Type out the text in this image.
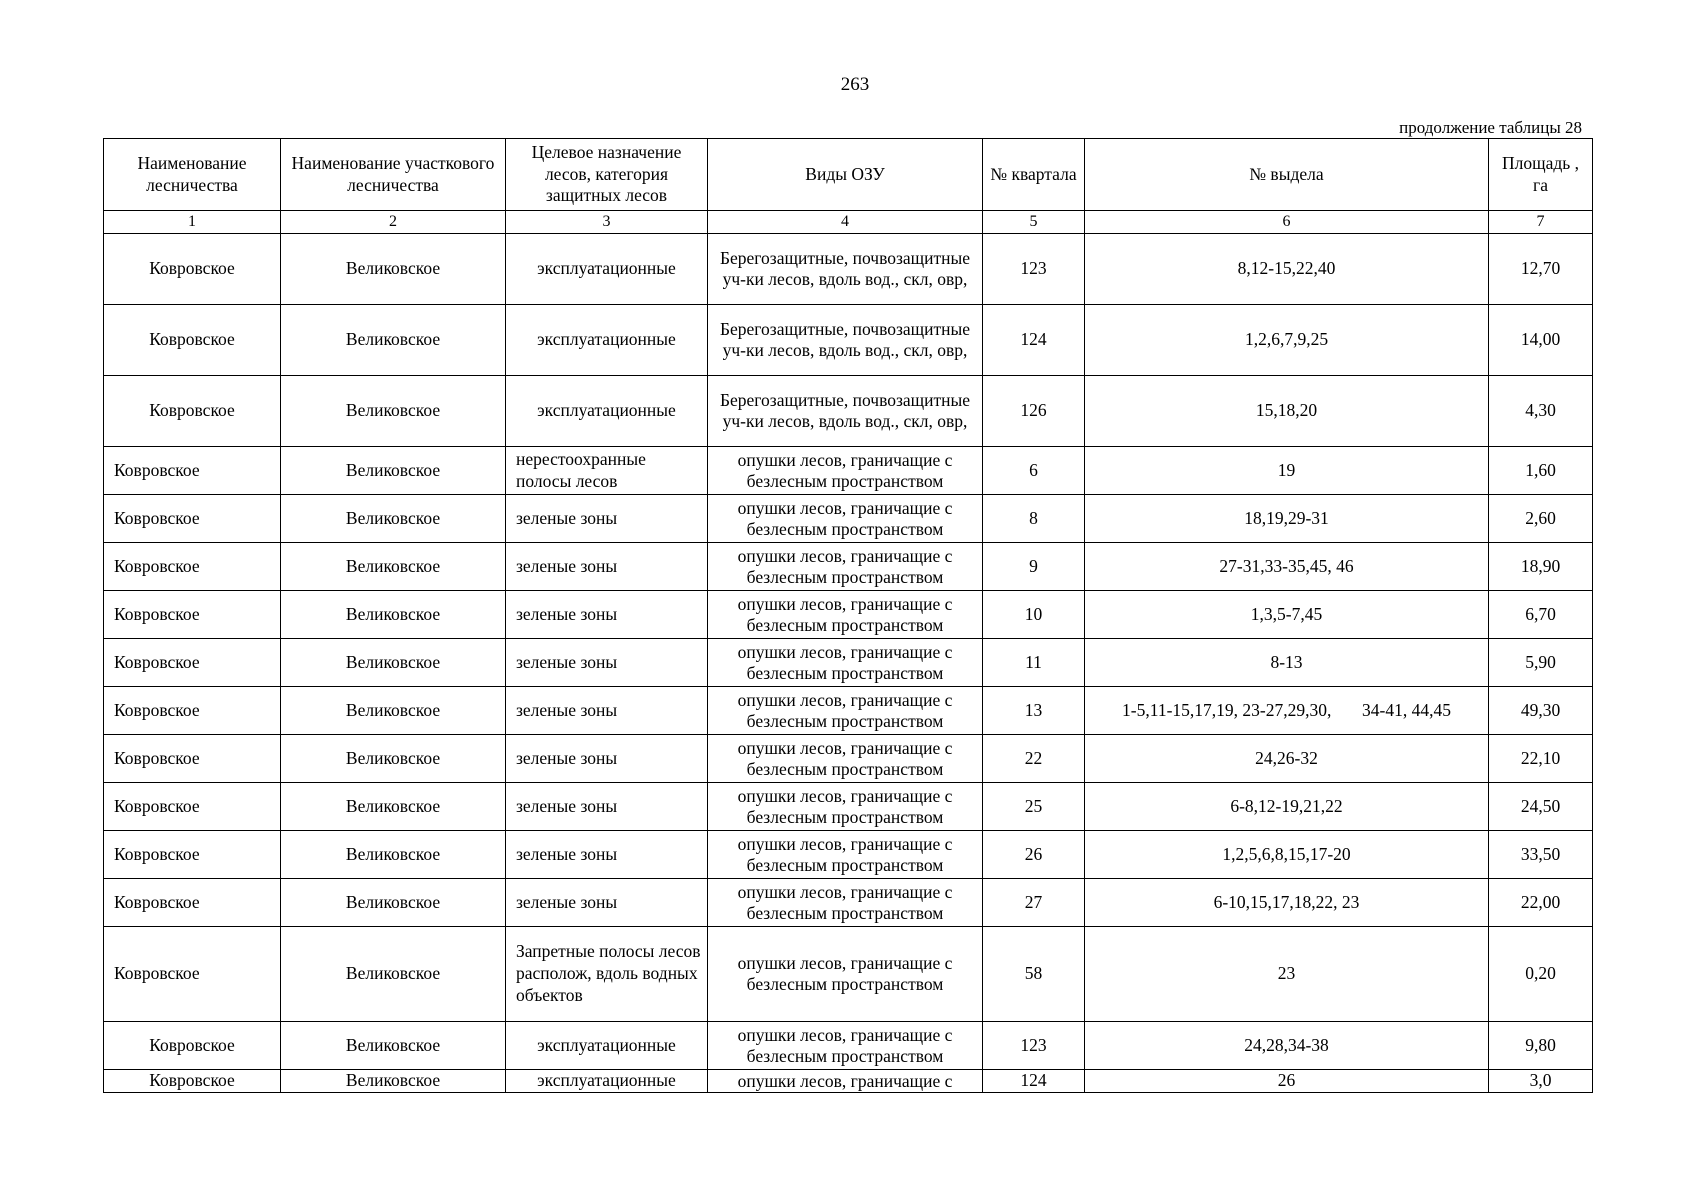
263
продолжение таблицы 28
Наименование лесничества	Наименование участкового лесничества	Целевое назначение лесов, категория защитных лесов	Виды ОЗУ	№ квартала	№ выдела	Площадь , га
1	2	3	4	5	6	7
Ковровское	Великовское	эксплуатационные	Берегозащитные, почвозащитные уч-ки лесов, вдоль вод., скл, овр,	123	8,12-15,22,40	12,70
Ковровское	Великовское	эксплуатационные	Берегозащитные, почвозащитные уч-ки лесов, вдоль вод., скл, овр,	124	1,2,6,7,9,25	14,00
Ковровское	Великовское	эксплуатационные	Берегозащитные, почвозащитные уч-ки лесов, вдоль вод., скл, овр,	126	15,18,20	4,30
Ковровское	Великовское	нерестоохранные полосы лесов	опушки лесов, граничащие с безлесным пространством	6	19	1,60
Ковровское	Великовское	зеленые зоны	опушки лесов, граничащие с безлесным пространством	8	18,19,29-31	2,60
Ковровское	Великовское	зеленые зоны	опушки лесов, граничащие с безлесным пространством	9	27-31,33-35,45, 46	18,90
Ковровское	Великовское	зеленые зоны	опушки лесов, граничащие с безлесным пространством	10	1,3,5-7,45	6,70
Ковровское	Великовское	зеленые зоны	опушки лесов, граничащие с безлесным пространством	11	8-13	5,90
Ковровское	Великовское	зеленые зоны	опушки лесов, граничащие с безлесным пространством	13	1-5,11-15,17,19, 23-27,29,30,       34-41, 44,45	49,30
Ковровское	Великовское	зеленые зоны	опушки лесов, граничащие с безлесным пространством	22	24,26-32	22,10
Ковровское	Великовское	зеленые зоны	опушки лесов, граничащие с безлесным пространством	25	6-8,12-19,21,22	24,50
Ковровское	Великовское	зеленые зоны	опушки лесов, граничащие с безлесным пространством	26	1,2,5,6,8,15,17-20	33,50
Ковровское	Великовское	зеленые зоны	опушки лесов, граничащие с безлесным пространством	27	6-10,15,17,18,22, 23	22,00
Ковровское	Великовское	Запретные полосы лесов располож, вдоль водных объектов	опушки лесов, граничащие с безлесным пространством	58	23	0,20
Ковровское	Великовское	эксплуатационные	опушки лесов, граничащие с безлесным пространством	123	24,28,34-38	9,80
Ковровское	Великовское	эксплуатационные	опушки лесов, граничащие с	124	26	3,0
